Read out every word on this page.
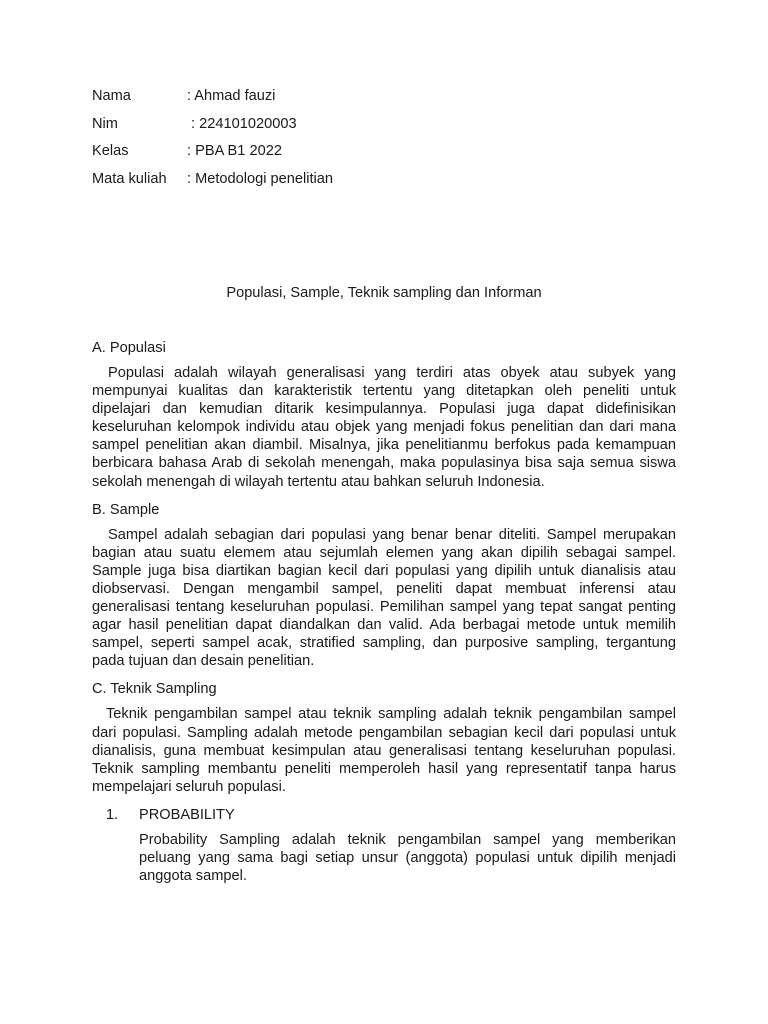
Nama	: Ahmad fauzi
Nim	: 224101020003
Kelas	: PBA B1 2022
Mata kuliah	: Metodologi penelitian
Populasi, Sample, Teknik sampling dan Informan
A. Populasi

Populasi adalah wilayah generalisasi yang terdiri atas obyek atau subyek yang mempunyai kualitas dan karakteristik tertentu yang ditetapkan oleh peneliti untuk dipelajari dan kemudian ditarik kesimpulannya. Populasi juga dapat didefinisikan keseluruhan kelompok individu atau objek yang menjadi fokus penelitian dan dari mana sampel penelitian akan diambil. Misalnya, jika penelitianmu berfokus pada kemampuan berbicara bahasa Arab di sekolah menengah, maka populasinya bisa saja semua siswa sekolah menengah di wilayah tertentu atau bahkan seluruh Indonesia.

B. Sample

Sampel adalah sebagian dari populasi yang benar benar diteliti. Sampel merupakan bagian atau suatu elemem atau sejumlah elemen yang akan dipilih sebagai sampel. Sample juga bisa diartikan bagian kecil dari populasi yang dipilih untuk dianalisis atau diobservasi. Dengan mengambil sampel, peneliti dapat membuat inferensi atau generalisasi tentang keseluruhan populasi. Pemilihan sampel yang tepat sangat penting agar hasil penelitian dapat diandalkan dan valid. Ada berbagai metode untuk memilih sampel, seperti sampel acak, stratified sampling, dan purposive sampling, tergantung pada tujuan dan desain penelitian.

C. Teknik Sampling

Teknik pengambilan sampel atau teknik sampling adalah teknik pengambilan sampel dari populasi. Sampling adalah metode pengambilan sebagian kecil dari populasi untuk dianalisis, guna membuat kesimpulan atau generalisasi tentang keseluruhan populasi. Teknik sampling membantu peneliti memperoleh hasil yang representatif tanpa harus mempelajari seluruh populasi.

1.	PROBABILITY

Probability Sampling adalah teknik pengambilan sampel yang memberikan peluang yang sama bagi setiap unsur (anggota) populasi untuk dipilih menjadi anggota sampel.
